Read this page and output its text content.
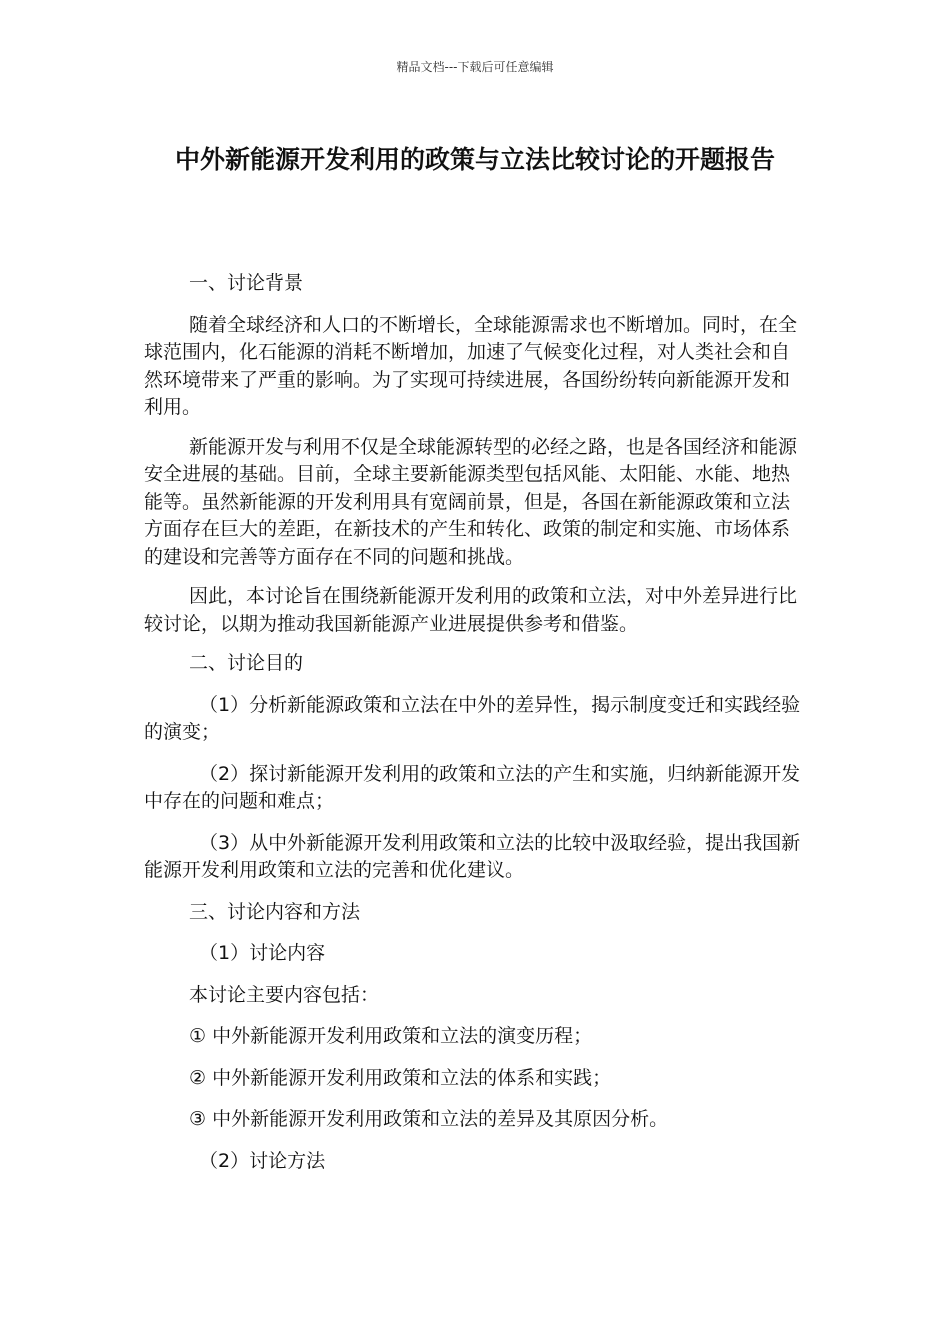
精品文档---下载后可任意编辑
中外新能源开发利用的政策与立法比较讨论的开题报告

一、讨论背景

随着全球经济和人口的不断增长，全球能源需求也不断增加。同时，在全球范围内，化石能源的消耗不断增加，加速了气候变化过程，对人类社会和自然环境带来了严重的影响。为了实现可持续进展，各国纷纷转向新能源开发和利用。

新能源开发与利用不仅是全球能源转型的必经之路，也是各国经济和能源安全进展的基础。目前，全球主要新能源类型包括风能、太阳能、水能、地热能等。虽然新能源的开发利用具有宽阔前景，但是，各国在新能源政策和立法方面存在巨大的差距，在新技术的产生和转化、政策的制定和实施、市场体系的建设和完善等方面存在不同的问题和挑战。

因此，本讨论旨在围绕新能源开发利用的政策和立法，对中外差异进行比较讨论，以期为推动我国新能源产业进展提供参考和借鉴。

二、讨论目的

（1）分析新能源政策和立法在中外的差异性，揭示制度变迁和实践经验的演变；

（2）探讨新能源开发利用的政策和立法的产生和实施，归纳新能源开发中存在的问题和难点；

（3）从中外新能源开发利用政策和立法的比较中汲取经验，提出我国新能源开发利用政策和立法的完善和优化建议。

三、讨论内容和方法

（1）讨论内容

本讨论主要内容包括：

① 中外新能源开发利用政策和立法的演变历程；

② 中外新能源开发利用政策和立法的体系和实践；

③ 中外新能源开发利用政策和立法的差异及其原因分析。

（2）讨论方法
